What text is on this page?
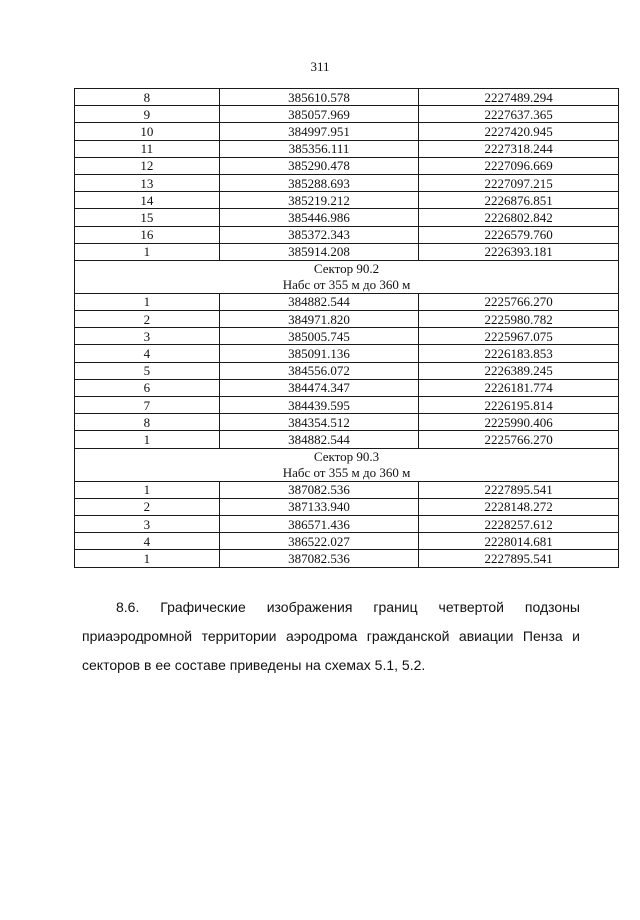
311
8	385610.578	2227489.294
9	385057.969	2227637.365
10	384997.951	2227420.945
11	385356.111	2227318.244
12	385290.478	2227096.669
13	385288.693	2227097.215
14	385219.212	2226876.851
15	385446.986	2226802.842
16	385372.343	2226579.760
1	385914.208	2226393.181

Сектор 90.2
Набс от 355 м до 360 м		

1	384882.544	2225766.270
2	384971.820	2225980.782
3	385005.745	2225967.075
4	385091.136	2226183.853
5	384556.072	2226389.245
6	384474.347	2226181.774
7	384439.595	2226195.814
8	384354.512	2225990.406
1	384882.544	2225766.270

Сектор 90.3
Набс от 355 м до 360 м		

1	387082.536	2227895.541
2	387133.940	2228148.272
3	386571.436	2228257.612
4	386522.027	2228014.681
1	387082.536	2227895.541

8.6. Графические изображения границ четвертой подзоны приаэродромной территории аэродрома гражданской авиации Пенза и секторов в ее составе приведены на схемах 5.1, 5.2.
